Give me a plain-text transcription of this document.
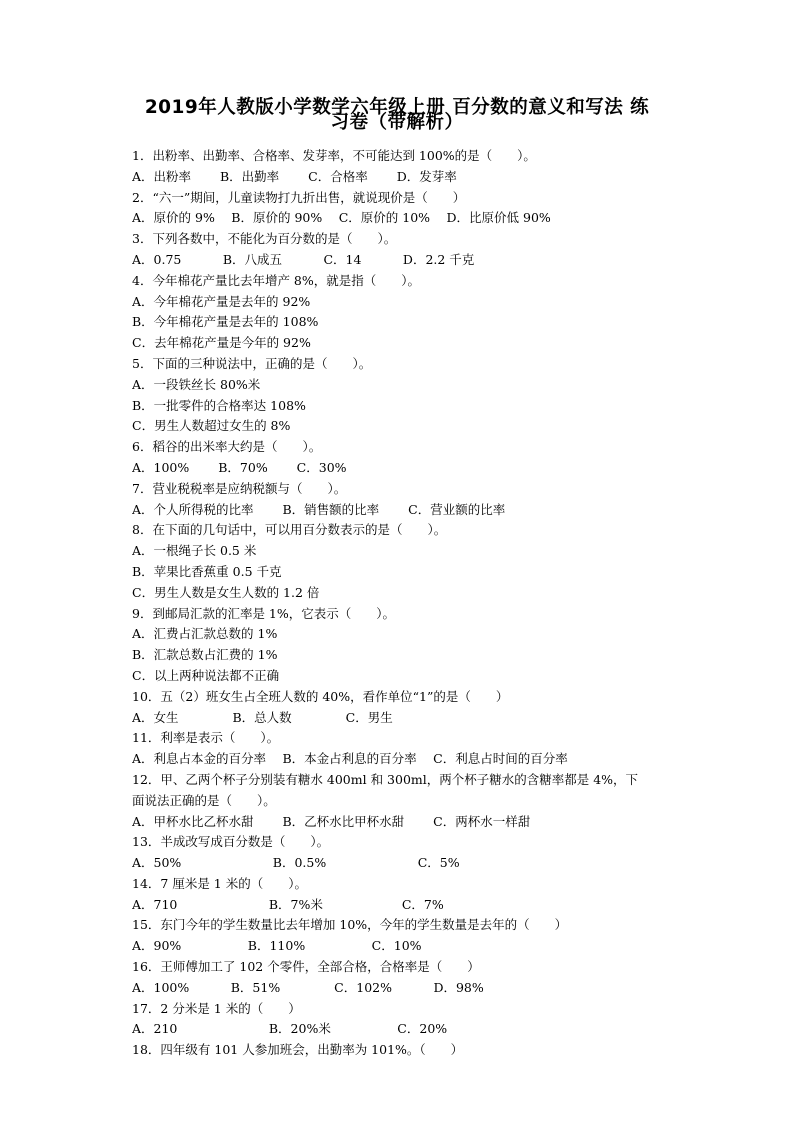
2019年人教版小学数学六年级上册 百分数的意义和写法 练
习卷（带解析）
1．出粉率、出勤率、合格率、发芽率，不可能达到 100%的是（　　）。
A．出粉率　　 B．出勤率　　 C．合格率　　 D．发芽率
2．“六一”期间，儿童读物打九折出售，就说现价是（　　）
A．原价的 9%　 B．原价的 90%　 C．原价的 10%　 D．比原价低 90%
3．下列各数中，不能化为百分数的是（　　）。
A．0.75　　　 B．八成五　　　 C．14　　　 D．2.2 千克
4．今年棉花产量比去年增产 8%，就是指（　　）。
A．今年棉花产量是去年的 92%
B．今年棉花产量是去年的 108%
C．去年棉花产量是今年的 92%
5．下面的三种说法中，正确的是（　　）。
A．一段铁丝长 80%米
B．一批零件的合格率达 108%
C．男生人数超过女生的 8%
6．稻谷的出米率大约是（　　）。
A．100%　　 B．70%　　 C．30%
7．营业税税率是应纳税额与（　　）。
A．个人所得税的比率　　 B．销售额的比率　　 C．营业额的比率
8．在下面的几句话中，可以用百分数表示的是（　　）。
A．一根绳子长 0.5 米
B．苹果比香蕉重 0.5 千克
C．男生人数是女生人数的 1.2 倍
9．到邮局汇款的汇率是 1%，它表示（　　）。
A．汇费占汇款总数的 1%
B．汇款总数占汇费的 1%
C．以上两种说法都不正确
10．五（2）班女生占全班人数的 40%，看作单位“1”的是（　　）
A．女生　　　　 B．总人数　　　　 C．男生
11．利率是表示（　　）。
A．利息占本金的百分率　 B．本金占利息的百分率　 C．利息占时间的百分率
12．甲、乙两个杯子分别装有糖水 400ml 和 300ml，两个杯子糖水的含糖率都是 4%，下
面说法正确的是（　　）。
A．甲杯水比乙杯水甜　　 B．乙杯水比甲杯水甜　　 C．两杯水一样甜
13．半成改写成百分数是（　　）。
A．50%　　　　　　　 B．0.5%　　　　　　　 C．5%
14．7 厘米是 1 米的（　　）。
A．710　　　　　　　 B．7%米　　　　　　 C．7%
15．东门今年的学生数量比去年增加 10%，今年的学生数量是去年的（　　）
A．90%　　　　　 B．110%　　　　　 C．10%
16．王师傅加工了 102 个零件，全部合格，合格率是（　　）
A．100%　　　 B．51%　　　　 C．102%　　　 D．98%
17．2 分米是 1 米的（　　）
A．210　　　　　　　 B．20%米　　　　　 C．20%
18．四年级有 101 人参加班会，出勤率为 101%。（　　）
